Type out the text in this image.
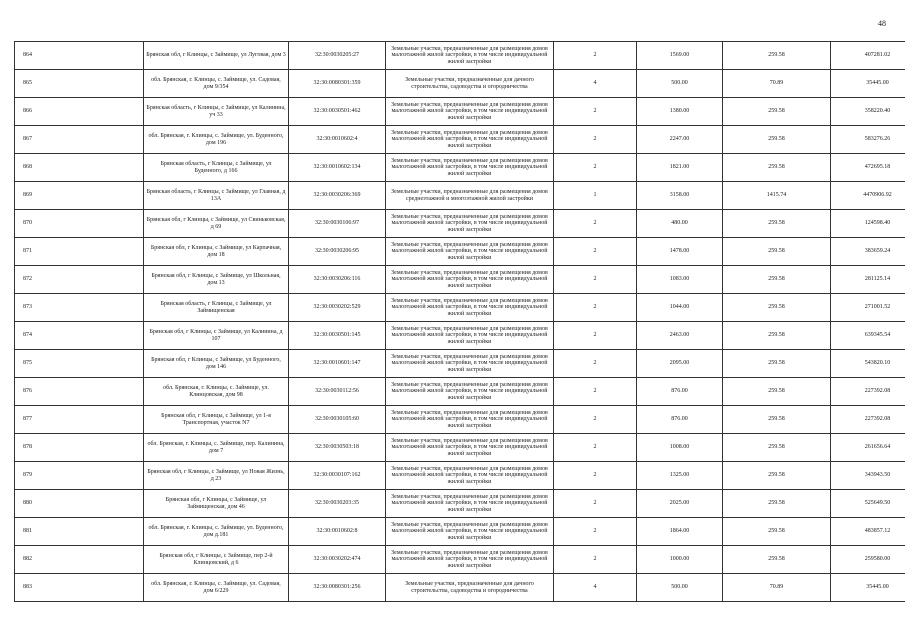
48
864	Брянская обл, г Клинцы, с Займище, ул Луговая, дом 3	32:30:0030205:27	Земельные участки, предназначенные для размещения домов малоэтажной жилой застройки, в том числе индивидуальной жилой застройки	2	1569.00	259.58	407281.02
865	обл. Брянская, г. Клинцы, с. Займище, ул. Садовая, дом 9/354	32:30:0080301:359	Земельные участки, предназначенные для дачного строительства, садоводства и огородничества	4	500.00	70.89	35445.00
866	Брянская область, г Клинцы, с Займище, ул Калинина, уч 33	32:30:0030501:462	Земельные участки, предназначенные для размещения домов малоэтажной жилой застройки, в том числе индивидуальной жилой застройки	2	1380.00	259.58	358220.40
867	обл. Брянская, г. Клинцы, с. Займище, ул. Буденного, дом 196	32:30:0010602:4	Земельные участки, предназначенные для размещения домов малоэтажной жилой застройки, в том числе индивидуальной жилой застройки	2	2247.00	259.58	583276.26
868	Брянская область, г Клинцы, с Займище, ул Буденного, д 166	32:30:0010602:134	Земельные участки, предназначенные для размещения домов малоэтажной жилой застройки, в том числе индивидуальной жилой застройки	2	1821.00	259.58	472695.18
869	Брянская область, г Клинцы, с Займище, ул Главная, д 13А	32:30:0030206:369	Земельные участки, предназначенные для размещения домов среднеэтажной и многоэтажной жилой застройки	1	3158.00	1415.74	4470906.92
870	Брянская обл, г Клинцы, с Займище, ул Свиньковская, д 69	32:30:0030106:97	Земельные участки, предназначенные для размещения домов малоэтажной жилой застройки, в том числе индивидуальной жилой застройки	2	480.00	259.58	124598.40
871	Брянская обл, г Клинцы, с Займище, ул Карпачная, дом 18	32:30:0030206:95	Земельные участки, предназначенные для размещения домов малоэтажной жилой застройки, в том числе индивидуальной жилой застройки	2	1478.00	259.58	383659.24
872	Брянская обл, г Клинцы, с Займище, ул Школьная, дом 13	32:30:0030206:116	Земельные участки, предназначенные для размещения домов малоэтажной жилой застройки, в том числе индивидуальной жилой застройки	2	1083.00	259.58	281125.14
873	Брянская область, г Клинцы, с Займище, ул Займищенская	32:30:0030202:529	Земельные участки, предназначенные для размещения домов малоэтажной жилой застройки, в том числе индивидуальной жилой застройки	2	1044.00	259.58	271001.52
874	Брянская обл, г Клинцы, с Займище, ул Калинина, д 107	32:30:0030501:145	Земельные участки, предназначенные для размещения домов малоэтажной жилой застройки, в том числе индивидуальной жилой застройки	2	2463.00	259.58	639345.54
875	Брянская обл, г Клинцы, с Займище, ул Буденного, дом 146	32:30:0010601:147	Земельные участки, предназначенные для размещения домов малоэтажной жилой застройки, в том числе индивидуальной жилой застройки	2	2095.00	259.58	543820.10
876	обл. Брянская, г. Клинцы, с. Займище, ул. Клинцовская, дом 98	32:30:0030112:56	Земельные участки, предназначенные для размещения домов малоэтажной жилой застройки, в том числе индивидуальной жилой застройки	2	876.00	259.58	227392.08
877	Брянская обл, г Клинцы, с Займище, ул 1-я Транспортная, участок N7	32:30:0030105:60	Земельные участки, предназначенные для размещения домов малоэтажной жилой застройки, в том числе индивидуальной жилой застройки	2	876.00	259.58	227392.08
878	обл. Брянская, г. Клинцы, с. Займище, пер. Калинина, дом 7	32:30:0030503:18	Земельные участки, предназначенные для размещения домов малоэтажной жилой застройки, в том числе индивидуальной жилой застройки	2	1008.00	259.58	261656.64
879	Брянская обл, г Клинцы, с Займище, ул Новая Жизнь, д 23	32:30:0030107:162	Земельные участки, предназначенные для размещения домов малоэтажной жилой застройки, в том числе индивидуальной жилой застройки	2	1325.00	259.58	343943.50
880	Брянская обл, г Клинцы, с Займище, ул Займищенская, дом 46	32:30:0030203:35	Земельные участки, предназначенные для размещения домов малоэтажной жилой застройки, в том числе индивидуальной жилой застройки	2	2025.00	259.58	525649.50
881	обл. Брянская, г. Клинцы, с. Займище, ул. Буденного, дом д.181	32:30:0010602:8	Земельные участки, предназначенные для размещения домов малоэтажной жилой застройки, в том числе индивидуальной жилой застройки	2	1864.00	259.58	483857.12
882	Брянская обл, г Клинцы, с Займище, пер 2-й Клинцовский, д 6	32:30:0030202:474	Земельные участки, предназначенные для размещения домов малоэтажной жилой застройки, в том числе индивидуальной жилой застройки	2	1000.00	259.58	259580.00
883	обл. Брянская, г. Клинцы, с. Займище, ул. Садовая, дом 6/229	32:30:0080301:256	Земельные участки, предназначенные для дачного строительства, садоводства и огородничества	4	500.00	70.89	35445.00
